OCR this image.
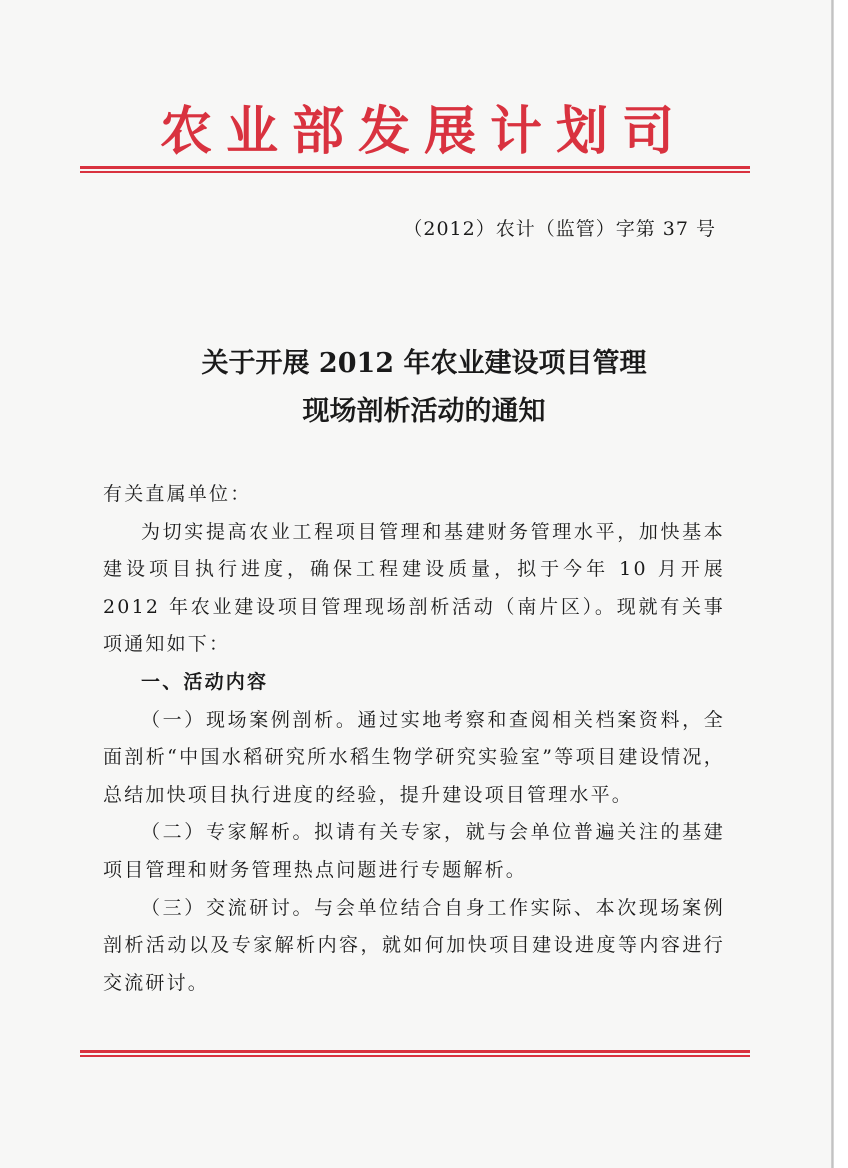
农业部发展计划司
（2012）农计（监管）字第 37 号
关于开展 2012 年农业建设项目管理
现场剖析活动的通知

有关直属单位：

为切实提高农业工程项目管理和基建财务管理水平，加快基本建设项目执行进度，确保工程建设质量，拟于今年 10 月开展 2012 年农业建设项目管理现场剖析活动（南片区）。现就有关事项通知如下：

一、活动内容

（一）现场案例剖析。通过实地考察和查阅相关档案资料，全面剖析“中国水稻研究所水稻生物学研究实验室”等项目建设情况，总结加快项目执行进度的经验，提升建设项目管理水平。

（二）专家解析。拟请有关专家，就与会单位普遍关注的基建项目管理和财务管理热点问题进行专题解析。

（三）交流研讨。与会单位结合自身工作实际、本次现场案例剖析活动以及专家解析内容，就如何加快项目建设进度等内容进行交流研讨。
